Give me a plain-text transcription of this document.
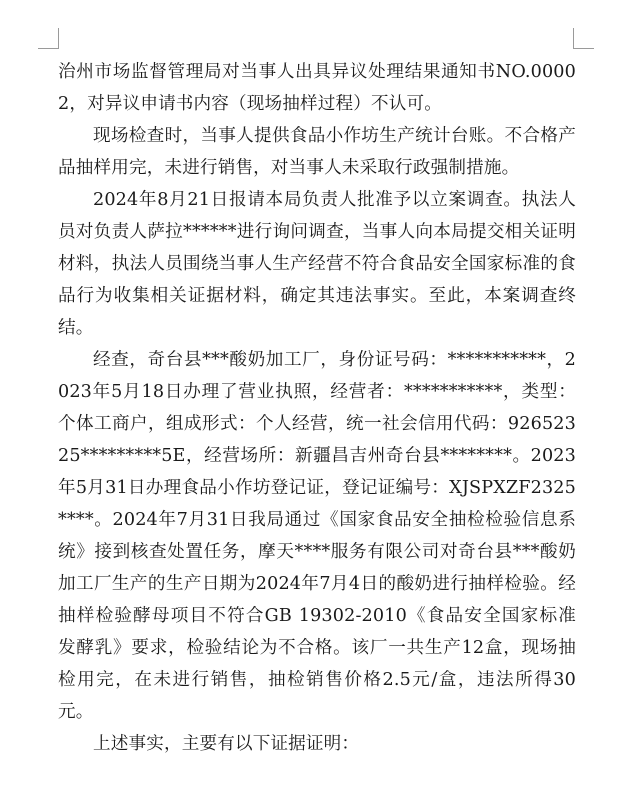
治州市场监督管理局对当事人出具异议处理结果通知书NO.00002，对异议申请书内容（现场抽样过程）不认可。

现场检查时，当事人提供食品小作坊生产统计台账。不合格产品抽样用完，未进行销售，对当事人未采取行政强制措施。

2024年8月21日报请本局负责人批准予以立案调查。执法人员对负责人萨拉******进行询问调查，当事人向本局提交相关证明材料，执法人员围绕当事人生产经营不符合食品安全国家标准的食品行为收集相关证据材料，确定其违法事实。至此，本案调查终结。

经查，奇台县***酸奶加工厂，身份证号码：***********，2023年5月18日办理了营业执照，经营者：***********，类型：个体工商户，组成形式：个人经营，统一社会信用代码：92652325*********5E，经营场所：新疆昌吉州奇台县********。2023年5月31日办理食品小作坊登记证，登记证编号：XJSPXZF2325****。2024年7月31日我局通过《国家食品安全抽检检验信息系统》接到核查处置任务，摩天****服务有限公司对奇台县***酸奶加工厂生产的生产日期为2024年7月4日的酸奶进行抽样检验。经抽样检验酵母项目不符合GB 19302-2010《食品安全国家标准 发酵乳》要求，检验结论为不合格。该厂一共生产12盒，现场抽检用完，在未进行销售，抽检销售价格2.5元/盒，违法所得30元。

上述事实，主要有以下证据证明：
